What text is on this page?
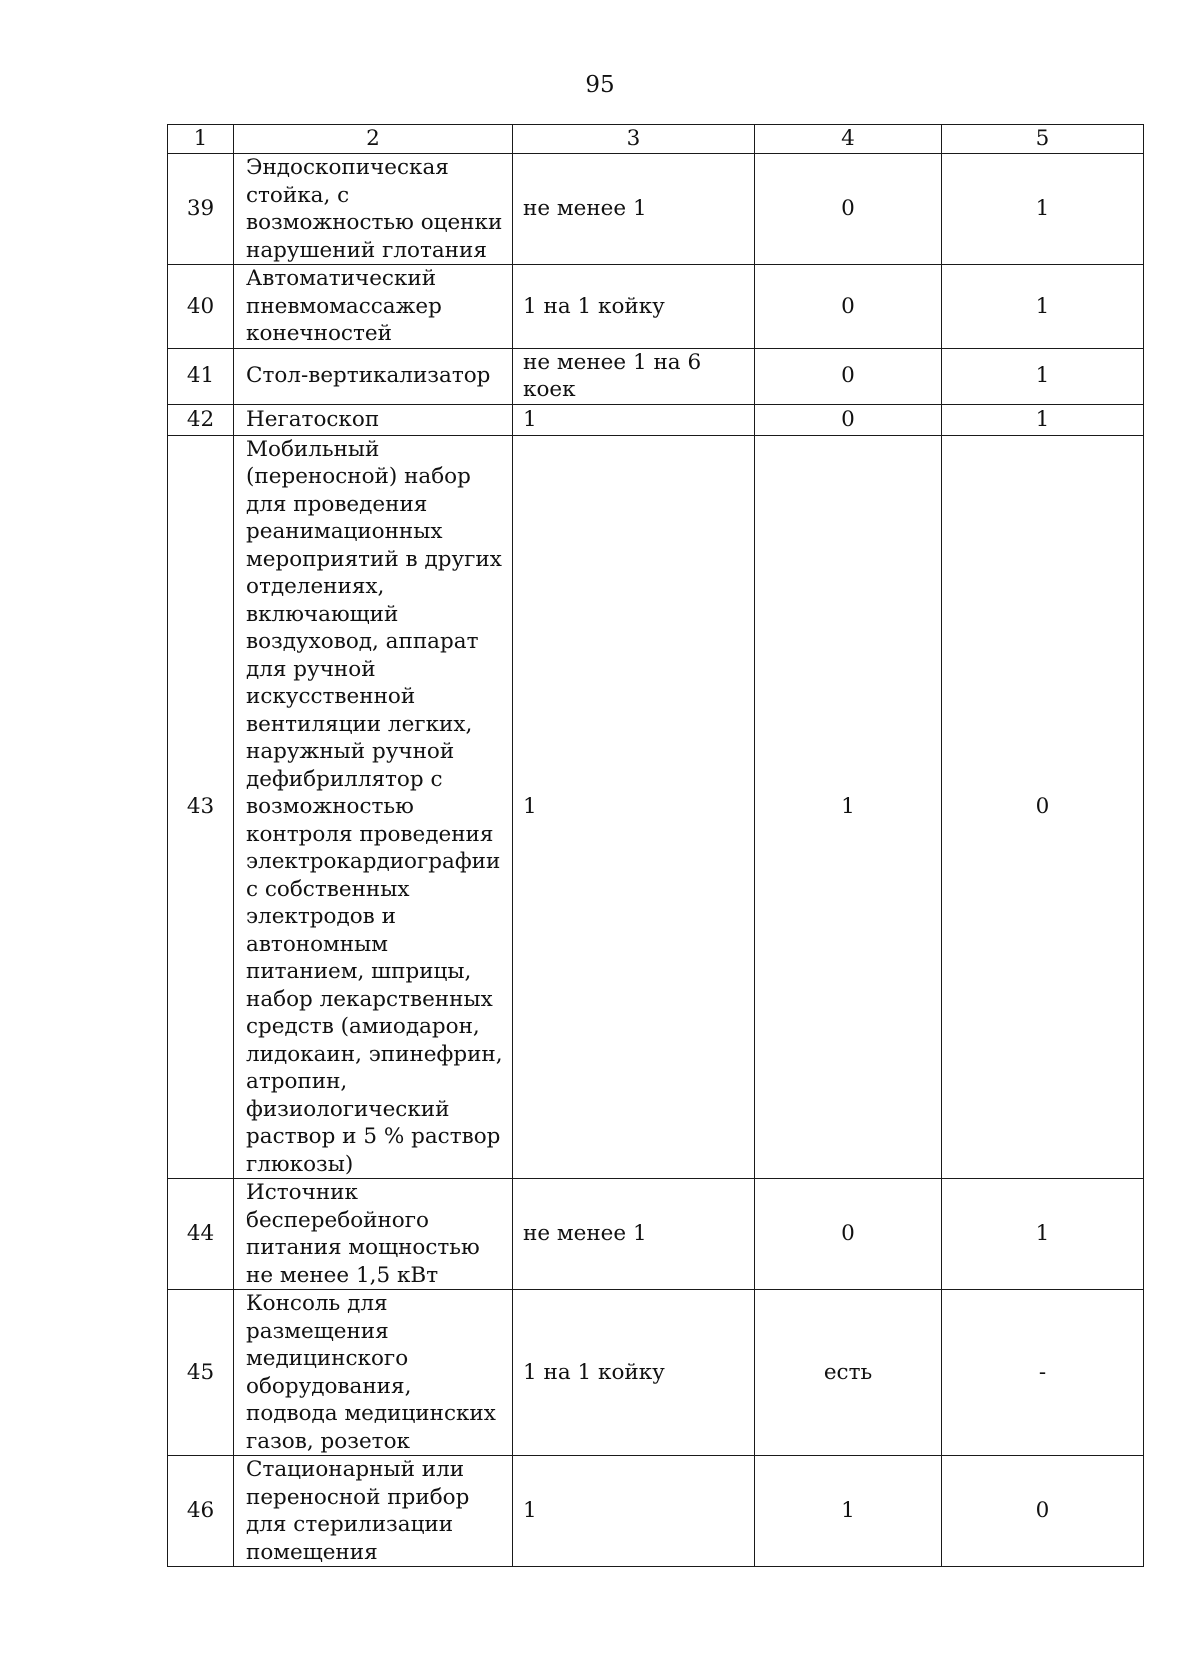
95
1	2	3	4	5
39	Эндоскопическая стойка, с возможностью оценки нарушений глотания	не менее 1	0	1
40	Автоматический пневмомассажер конечностей	1 на 1 койку	0	1
41	Стол-вертикализатор	не менее 1 на 6 коек	0	1
42	Негатоскоп	1	0	1
43	Мобильный (переносной) набор для проведения реанимационных мероприятий в других отделениях, включающий воздуховод, аппарат для ручной искусственной вентиляции легких, наружный ручной дефибриллятор с возможностью контроля проведения электрокардиографии с собственных электродов и автономным питанием, шприцы, набор лекарственных средств (амиодарон, лидокаин, эпинефрин, атропин, физиологический раствор и 5 % раствор глюкозы)	1	1	0
44	Источник бесперебойного питания мощностью не менее 1,5 кВт	не менее 1	0	1
45	Консоль для размещения медицинского оборудования, подвода медицинских газов, розеток	1 на 1 койку	есть	-
46	Стационарный или переносной прибор для стерилизации помещения	1	1	0
